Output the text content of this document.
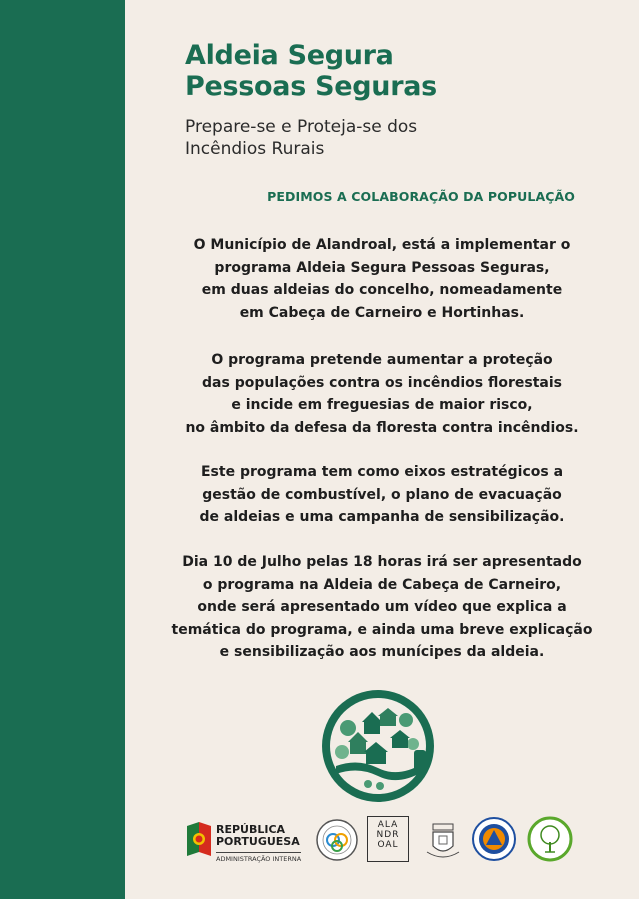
Aldeia Segura
Pessoas Seguras
Prepare-se e Proteja-se dos
Incêndios Rurais
PEDIMOS A COLABORAÇÃO DA POPULAÇÃO

O Município de Alandroal, está a implementar o
programa Aldeia Segura Pessoas Seguras,
em duas aldeias do concelho, nomeadamente
em Cabeça de Carneiro e Hortinhas.

O programa pretende aumentar a proteção
das populações contra os incêndios florestais
e incide em freguesias de maior risco,
no âmbito da defesa da floresta contra incêndios.

Este programa tem como eixos estratégicos a
gestão de combustível, o plano de evacuação
de aldeias e uma campanha de sensibilização.

Dia 10 de Julho pelas 18 horas irá ser apresentado
o programa na Aldeia de Cabeça de Carneiro,
onde será apresentado um vídeo que explica a
temática do programa, e ainda uma breve explicação
e sensibilização aos munícipes da aldeia.

REPÚBLICA
PORTUGUESA
ADMINISTRAÇÃO INTERNA
ALA
NDR
OAL
